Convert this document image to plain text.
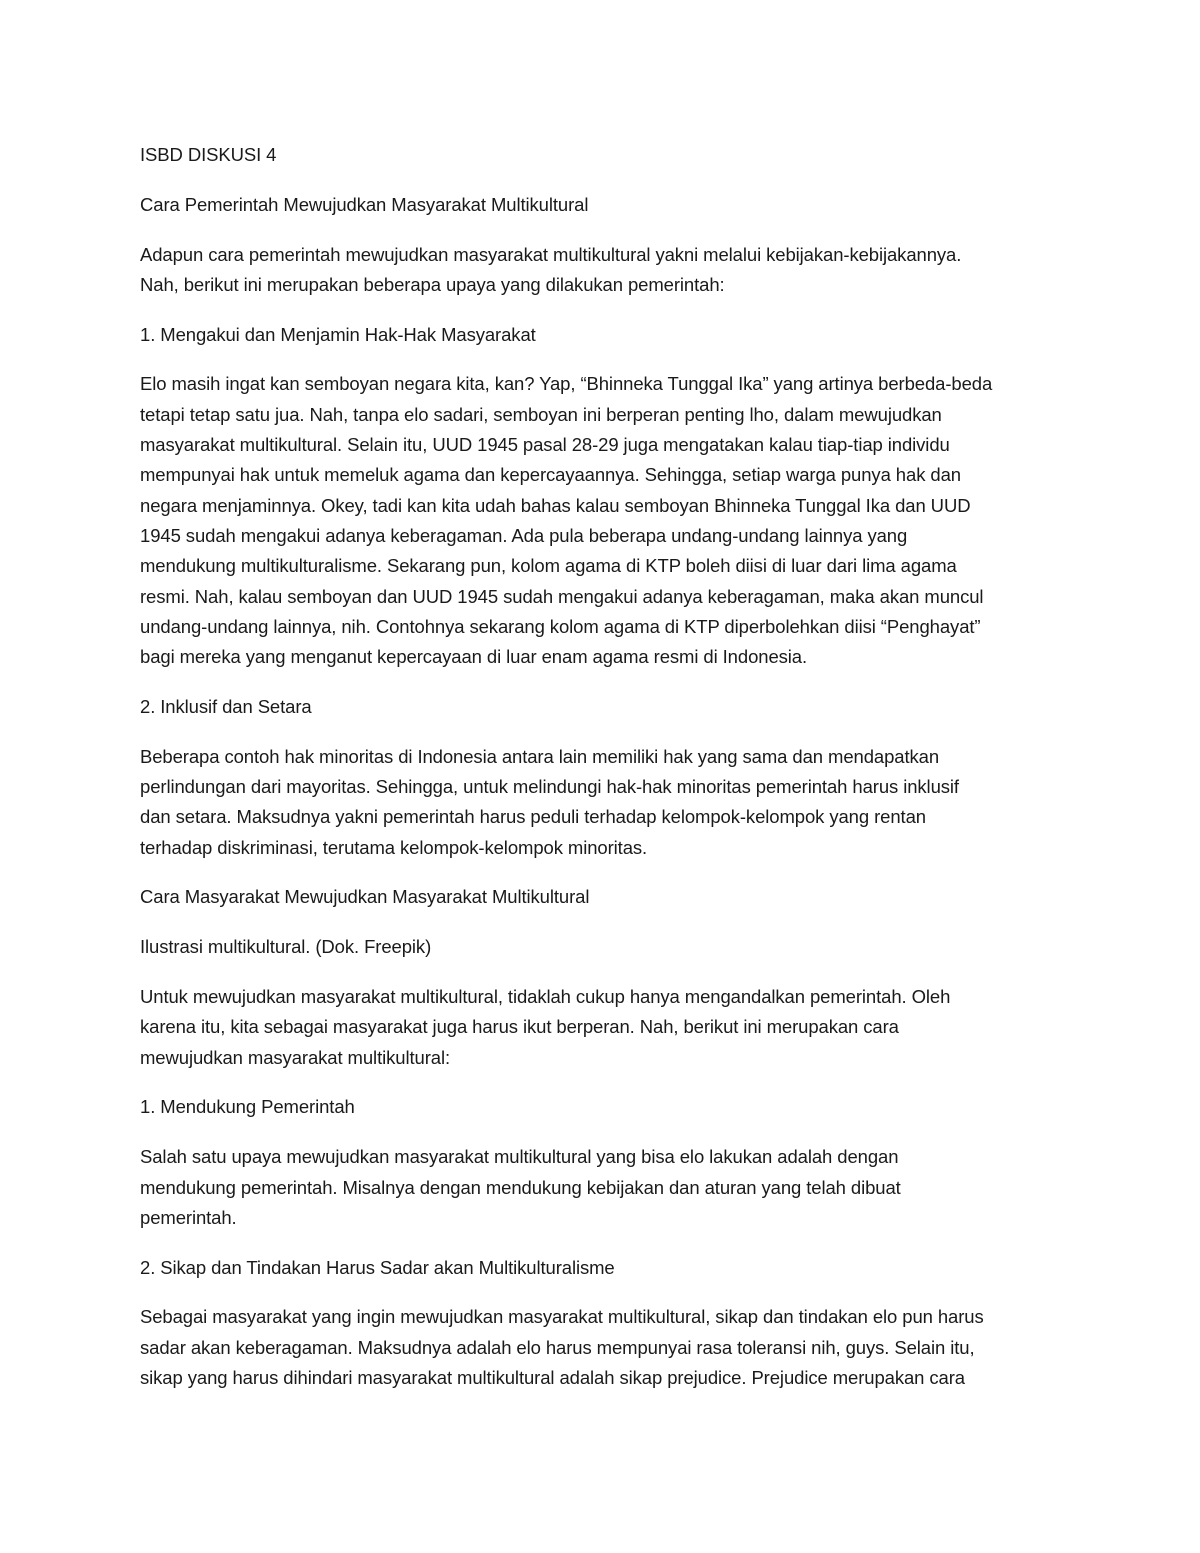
ISBD DISKUSI 4

Cara Pemerintah Mewujudkan Masyarakat Multikultural

Adapun cara pemerintah mewujudkan masyarakat multikultural yakni melalui kebijakan-kebijakannya.

Nah, berikut ini merupakan beberapa upaya yang dilakukan pemerintah:

1. Mengakui dan Menjamin Hak-Hak Masyarakat

Elo masih ingat kan semboyan negara kita, kan? Yap, “Bhinneka Tunggal Ika” yang artinya berbeda-beda

tetapi tetap satu jua. Nah, tanpa elo sadari, semboyan ini berperan penting lho, dalam mewujudkan

masyarakat multikultural. Selain itu, UUD 1945 pasal 28-29 juga mengatakan kalau tiap-tiap individu

mempunyai hak untuk memeluk agama dan kepercayaannya. Sehingga, setiap warga punya hak dan

negara menjaminnya. Okey, tadi kan kita udah bahas kalau semboyan Bhinneka Tunggal Ika dan UUD

1945 sudah mengakui adanya keberagaman. Ada pula beberapa undang-undang lainnya yang

mendukung multikulturalisme. Sekarang pun, kolom agama di KTP boleh diisi di luar dari lima agama

resmi. Nah, kalau semboyan dan UUD 1945 sudah mengakui adanya keberagaman, maka akan muncul

undang-undang lainnya, nih. Contohnya sekarang kolom agama di KTP diperbolehkan diisi “Penghayat”

bagi mereka yang menganut kepercayaan di luar enam agama resmi di Indonesia.

2. Inklusif dan Setara

Beberapa contoh hak minoritas di Indonesia antara lain memiliki hak yang sama dan mendapatkan

perlindungan dari mayoritas. Sehingga, untuk melindungi hak-hak minoritas pemerintah harus inklusif

dan setara. Maksudnya yakni pemerintah harus peduli terhadap kelompok-kelompok yang rentan

terhadap diskriminasi, terutama kelompok-kelompok minoritas.

Cara Masyarakat Mewujudkan Masyarakat Multikultural

Ilustrasi multikultural. (Dok. Freepik)

Untuk mewujudkan masyarakat multikultural, tidaklah cukup hanya mengandalkan pemerintah. Oleh

karena itu, kita sebagai masyarakat juga harus ikut berperan. Nah, berikut ini merupakan cara

mewujudkan masyarakat multikultural:

1. Mendukung Pemerintah

Salah satu upaya mewujudkan masyarakat multikultural yang bisa elo lakukan adalah dengan

mendukung pemerintah. Misalnya dengan mendukung kebijakan dan aturan yang telah dibuat

pemerintah.

2. Sikap dan Tindakan Harus Sadar akan Multikulturalisme

Sebagai masyarakat yang ingin mewujudkan masyarakat multikultural, sikap dan tindakan elo pun harus

sadar akan keberagaman. Maksudnya adalah elo harus mempunyai rasa toleransi nih, guys. Selain itu,

sikap yang harus dihindari masyarakat multikultural adalah sikap prejudice. Prejudice merupakan cara
